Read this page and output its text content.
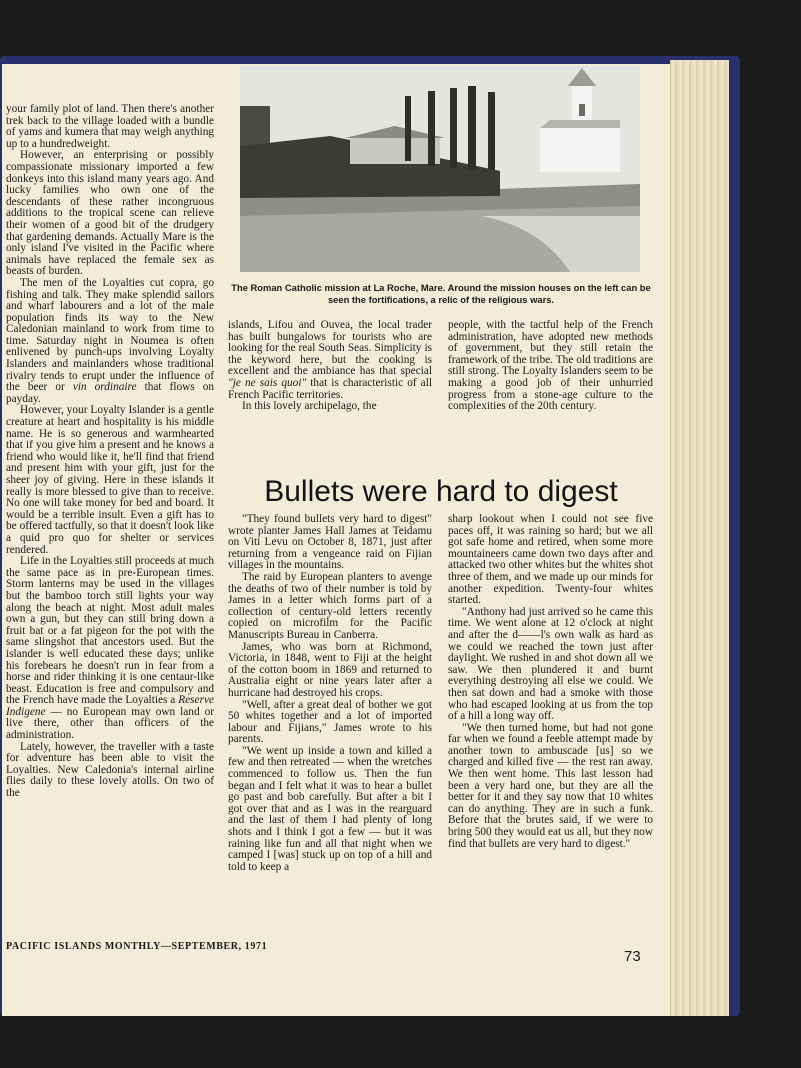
The Roman Catholic mission at La Roche, Mare. Around the mission houses on the left can be seen the fortifications, a relic of the religious wars.

your family plot of land. Then there's another trek back to the village loaded with a bundle of yams and kumera that may weigh anything up to a hundredweight.

However, an enterprising or possibly compassionate missionary imported a few donkeys into this island many years ago. And lucky families who own one of the descendants of these rather incongruous additions to the tropical scene can relieve their women of a good bit of the drudgery that gardening demands. Actually Mare is the only island I've visited in the Pacific where animals have replaced the female sex as beasts of burden.

The men of the Loyalties cut copra, go fishing and talk. They make splendid sailors and wharf labourers and a lot of the male population finds its way to the New Caledonian mainland to work from time to time. Saturday night in Noumea is often enlivened by punch-ups involving Loyalty Islanders and mainlanders whose traditional rivalry tends to erupt under the influence of the beer or vin ordinaire that flows on payday.

However, your Loyalty Islander is a gentle creature at heart and hospitality is his middle name. He is so generous and warmhearted that if you give him a present and he knows a friend who would like it, he'll find that friend and present him with your gift, just for the sheer joy of giving. Here in these islands it really is more blessed to give than to receive. No one will take money for bed and board. It would be a terrible insult. Even a gift has to be offered tactfully, so that it doesn't look like a quid pro quo for shelter or services rendered.

Life in the Loyalties still proceeds at much the same pace as in pre-European times. Storm lanterns may be used in the villages but the bamboo torch still lights your way along the beach at night. Most adult males own a gun, but they can still bring down a fruit bat or a fat pigeon for the pot with the same slingshot that ancestors used. But the islander is well educated these days; unlike his forebears he doesn't run in fear from a horse and rider thinking it is one centaur-like beast. Education is free and compulsory and the French have made the Loyalties a Reserve Indigene — no European may own land or live there, other than officers of the administration.

Lately, however, the traveller with a taste for adventure has been able to visit the Loyalties. New Caledonia's internal airline flies daily to these lovely atolls. On two of the

islands, Lifou and Ouvea, the local trader has built bungalows for tourists who are looking for the real South Seas. Simplicity is the keyword here, but the cooking is excellent and the ambiance has that special "je ne sais quoi" that is characteristic of all French Pacific territories.

In this lovely archipelago, the

people, with the tactful help of the French administration, have adopted new methods of government, but they still retain the framework of the tribe. The old traditions are still strong. The Loyalty Islanders seem to be making a good job of their unhurried progress from a stone-age culture to the complexities of the 20th century.

Bullets were hard to digest

"They found bullets very hard to digest" wrote planter James Hall James at Teidamu on Viti Levu on October 8, 1871, just after returning from a vengeance raid on Fijian villages in the mountains.

The raid by European planters to avenge the deaths of two of their number is told by James in a letter which forms part of a collection of century-old letters recently copied on microfilm for the Pacific Manuscripts Bureau in Canberra.

James, who was born at Richmond, Victoria, in 1848, went to Fiji at the height of the cotton boom in 1869 and returned to Australia eight or nine years later after a hurricane had destroyed his crops.

"Well, after a great deal of bother we got 50 whites together and a lot of imported labour and Fijians," James wrote to his parents.

"We went up inside a town and killed a few and then retreated — when the wretches commenced to follow us. Then the fun began and I felt what it was to hear a bullet go past and bob carefully. But after a bit I got over that and as I was in the rearguard and the last of them I had plenty of long shots and I think I got a few — but it was raining like fun and all that night when we camped I [was] stuck up on top of a hill and told to keep a

sharp lookout when I could not see five paces off, it was raining so hard; but we all got safe home and retired, when some more mountaineers came down two days after and attacked two other whites but the whites shot three of them, and we made up our minds for another expedition. Twenty-four whites started.

"Anthony had just arrived so he came this time. We went alone at 12 o'clock at night and after the d——l's own walk as hard as we could we reached the town just after daylight. We rushed in and shot down all we saw. We then plundered it and burnt everything destroying all else we could. We then sat down and had a smoke with those who had escaped looking at us from the top of a hill a long way off.

"We then turned home, but had not gone far when we found a feeble attempt made by another town to ambuscade [us] so we charged and killed five — the rest ran away. We then went home. This last lesson had been a very hard one, but they are all the better for it and they say now that 10 whites can do anything. They are in such a funk. Before that the brutes said, if we were to bring 500 they would eat us all, but they now find that bullets are very hard to digest."

PACIFIC ISLANDS MONTHLY—SEPTEMBER, 1971
73
